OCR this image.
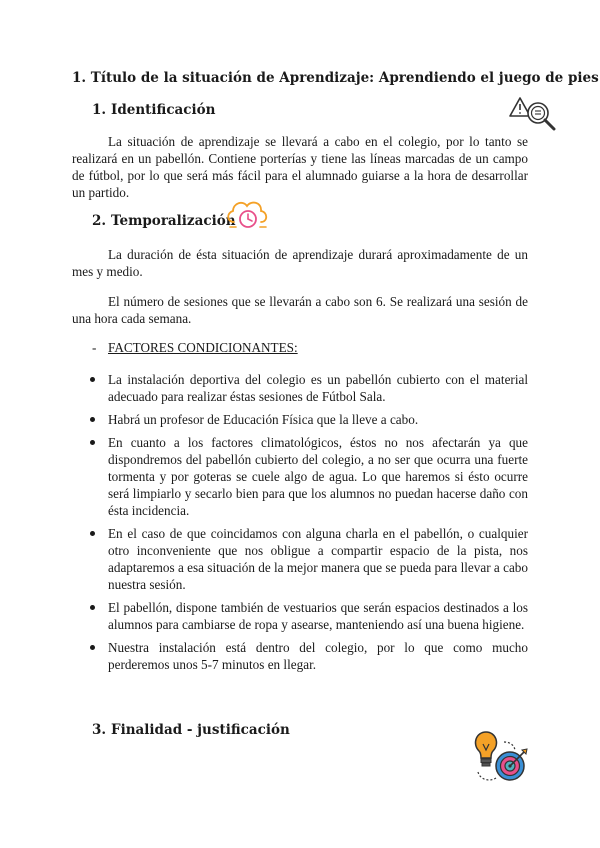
1. Título de la situación de Aprendizaje: Aprendiendo el juego de pies
1. Identificación
La situación de aprendizaje se llevará a cabo en el colegio, por lo tanto se realizará en un pabellón. Contiene porterías y tiene las líneas marcadas de un campo de fútbol, por lo que será más fácil para el alumnado guiarse a la hora de desarrollar un partido.
2. Temporalización
La duración de ésta situación de aprendizaje durará aproximadamente de un mes y medio.
El número de sesiones que se llevarán a cabo son 6. Se realizará una sesión de una hora cada semana.
- FACTORES CONDICIONANTES:
La instalación deportiva del colegio es un pabellón cubierto con el material adecuado para realizar éstas sesiones de Fútbol Sala.
Habrá un profesor de Educación Física que la lleve a cabo.
En cuanto a los factores climatológicos, éstos no nos afectarán ya que dispondremos del pabellón cubierto del colegio, a no ser que ocurra una fuerte tormenta y por goteras se cuele algo de agua. Lo que haremos si ésto ocurre será limpiarlo y secarlo bien para que los alumnos no puedan hacerse daño con ésta incidencia.
En el caso de que coincidamos con alguna charla en el pabellón, o cualquier otro inconveniente que nos obligue a compartir espacio de la pista, nos adaptaremos a esa situación de la mejor manera que se pueda para llevar a cabo nuestra sesión.
El pabellón, dispone también de vestuarios que serán espacios destinados a los alumnos para cambiarse de ropa y asearse, manteniendo así una buena higiene.
Nuestra instalación está dentro del colegio, por lo que como mucho perderemos unos 5-7 minutos en llegar.
3. Finalidad - justificación
